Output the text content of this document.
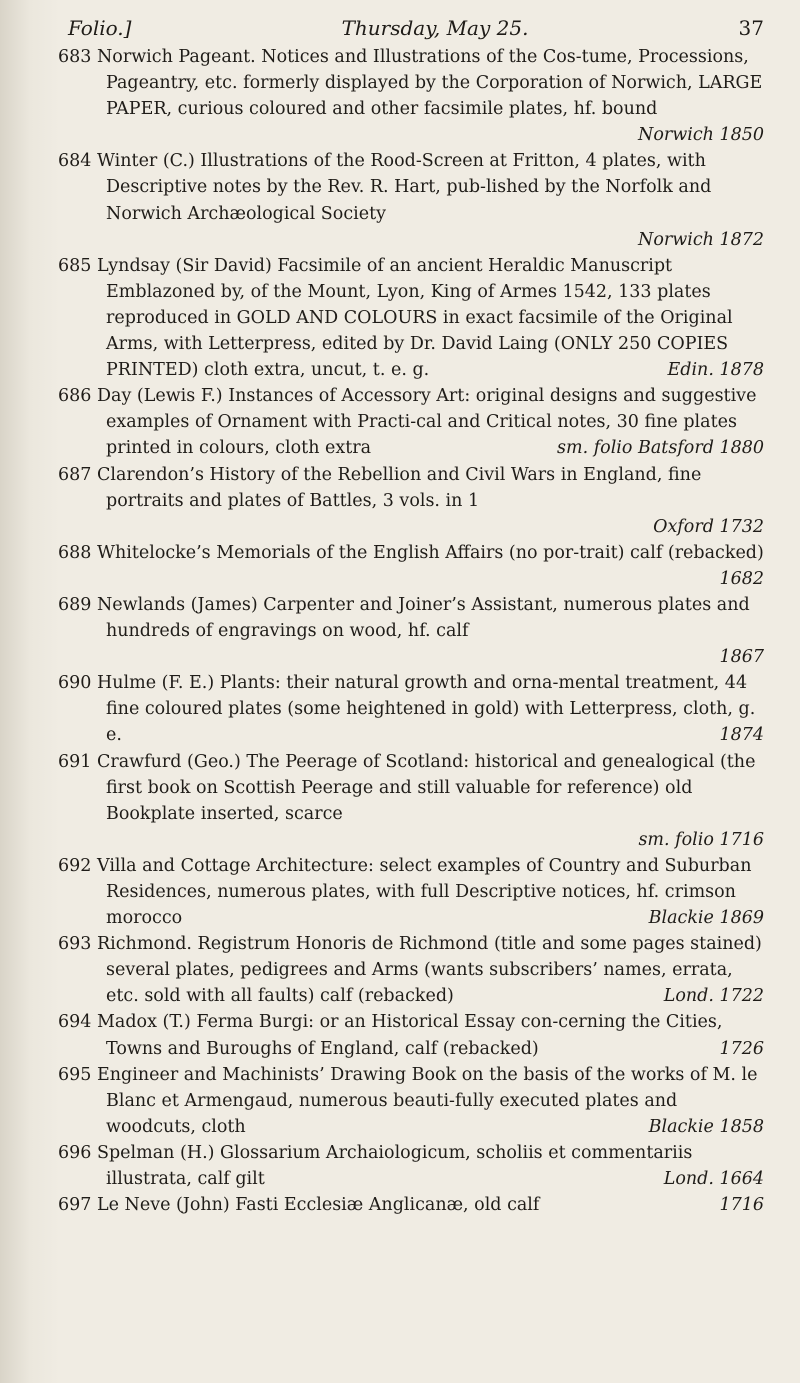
Folio.]	Thursday, May 25.	37

683 Norwich Pageant. Notices and Illustrations of the Cos-tume, Processions, Pageantry, etc. formerly displayed by the Corporation of Norwich, LARGE PAPER, curious coloured and other facsimile plates, hf. bound
Norwich 1850

684 Winter (C.) Illustrations of the Rood-Screen at Fritton, 4 plates, with Descriptive notes by the Rev. R. Hart, pub-lished by the Norfolk and Norwich Archæological Society
Norwich 1872

685 Lyndsay (Sir David) Facsimile of an ancient Heraldic Manuscript Emblazoned by, of the Mount, Lyon, King of Armes 1542, 133 plates reproduced in GOLD AND COLOURS in exact facsimile of the Original Arms, with Letterpress, edited by Dr. David Laing (ONLY 250 COPIES PRINTED) cloth extra, uncut, t. e. g.	Edin. 1878

686 Day (Lewis F.) Instances of Accessory Art: original designs and suggestive examples of Ornament with Practi-cal and Critical notes, 30 fine plates printed in colours, cloth extra	sm. folio Batsford 1880

687 Clarendon’s History of the Rebellion and Civil Wars in England, fine portraits and plates of Battles, 3 vols. in 1
Oxford 1732

688 Whitelocke’s Memorials of the English Affairs (no por-trait) calf (rebacked)
1682

689 Newlands (James) Carpenter and Joiner’s Assistant, numerous plates and hundreds of engravings on wood, hf. calf
1867

690 Hulme (F. E.) Plants: their natural growth and orna-mental treatment, 44 fine coloured plates (some heightened in gold) with Letterpress, cloth, g. e.	1874

691 Crawfurd (Geo.) The Peerage of Scotland: historical and genealogical (the first book on Scottish Peerage and still valuable for reference) old Bookplate inserted, scarce
sm. folio 1716

692 Villa and Cottage Architecture: select examples of Country and Suburban Residences, numerous plates, with full Descriptive notices, hf. crimson morocco	Blackie 1869

693 Richmond. Registrum Honoris de Richmond (title and some pages stained) several plates, pedigrees and Arms (wants subscribers’ names, errata, etc. sold with all faults) calf (rebacked)	Lond. 1722

694 Madox (T.) Ferma Burgi: or an Historical Essay con-cerning the Cities, Towns and Buroughs of England, calf (rebacked)	1726

695 Engineer and Machinists’ Drawing Book on the basis of the works of M. le Blanc et Armengaud, numerous beauti-fully executed plates and woodcuts, cloth	Blackie 1858

696 Spelman (H.) Glossarium Archaiologicum, scholiis et commentariis illustrata, calf gilt	Lond. 1664

697 Le Neve (John) Fasti Ecclesiæ Anglicanæ, old calf	1716
